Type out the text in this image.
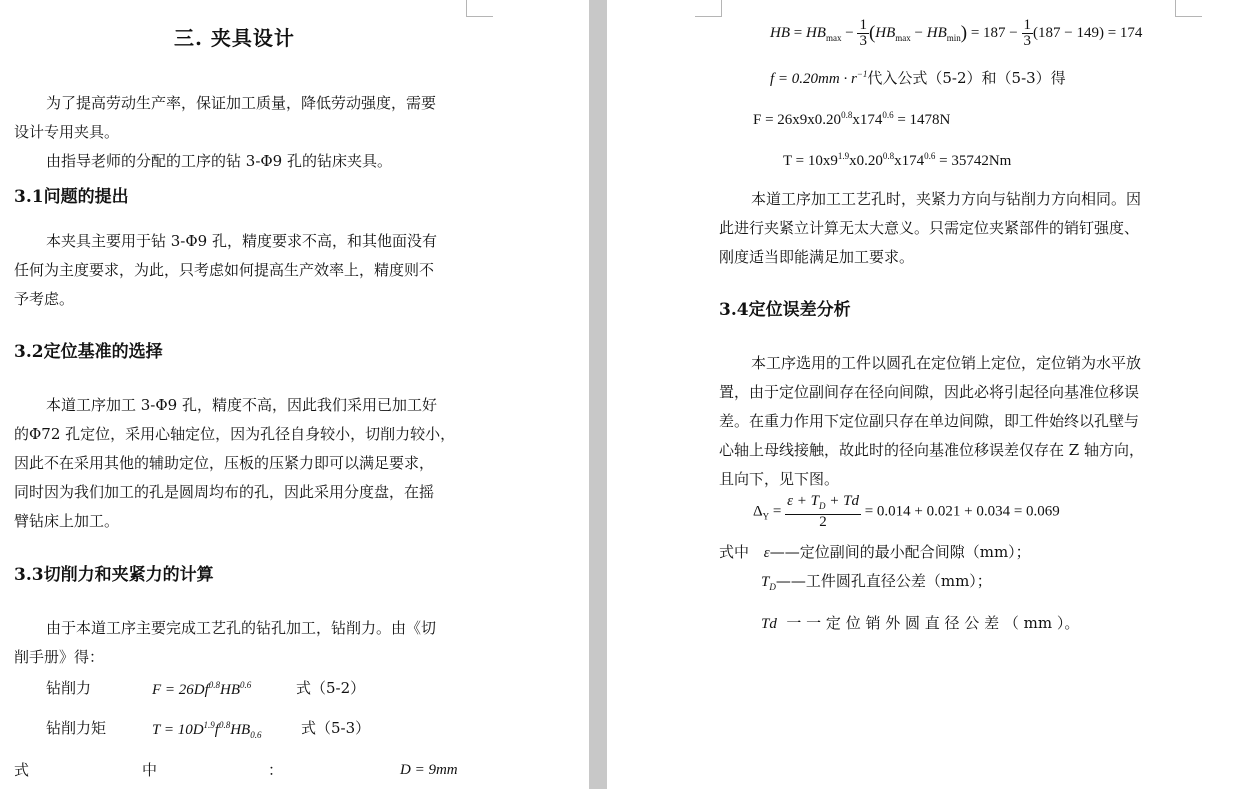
三. 夹具设计
为了提高劳动生产率，保证加工质量，降低劳动强度，需要
设计专用夹具。
由指导老师的分配的工序的钻 3-Φ9 孔的钻床夹具。
3.1问题的提出
本夹具主要用于钻 3-Φ9 孔，精度要求不高，和其他面没有
任何为主度要求，为此，只考虑如何提高生产效率上，精度则不
予考虑。
3.2定位基准的选择
本道工序加工 3-Φ9 孔，精度不高，因此我们采用已加工好
的Φ72 孔定位，采用心轴定位，因为孔径自身较小，切削力较小，
因此不在采用其他的辅助定位，压板的压紧力即可以满足要求，
同时因为我们加工的孔是圆周均布的孔，因此采用分度盘，在摇
臂钻床上加工。
3.3切削力和夹紧力的计算
由于本道工序主要完成工艺孔的钻孔加工，钻削力。由《切
削手册》得：
钻削力	$F = 26Df^{0.8}HB^{0.6}$	式（5-2）
钻削力矩	$T = 10D^{1.9}f^{0.8}HB_{0.6}$	式（5-3）
式	中	：	D = 9mm
HB = $HB_{max} - \frac{1}{3} (HB_{max} - HB_{min}) = 187 - \frac{1}{3} (187 - 149) = 174$
$f = 0.20mm \cdot r^{-1}$代入公式（5-2）和（5-3）得
$F = 26x9x0.20^{0.8}x174^{0.6} = 1478N$
$T = 10x9^{1.9}x0.20^{0.8}x174^{0.6} = 35742Nm$
本道工序加工工艺孔时，夹紧力方向与钻削力方向相同。因
此进行夹紧立计算无太大意义。只需定位夹紧部件的销钉强度、
刚度适当即能满足加工要求。
3.4定位误差分析
本工序选用的工件以圆孔在定位销上定位，定位销为水平放
置，由于定位副间存在径向间隙，因此必将引起径向基准位移误
差。在重力作用下定位副只存在单边间隙，即工件始终以孔壁与
心轴上母线接触，故此时的径向基准位移误差仅存在 Z 轴方向，
且向下，见下图。
$\Delta_Y = \frac{\varepsilon + T_D + Td}{2} = 0.014 + 0.021 + 0.034 = 0.069$
式中 ε——定位副间的最小配合间隙（mm）；
$T_D——$工件圆孔直径公差（mm）；
Td 一 一 定 位 销 外 圆 直 径 公 差 （ mm ）。
